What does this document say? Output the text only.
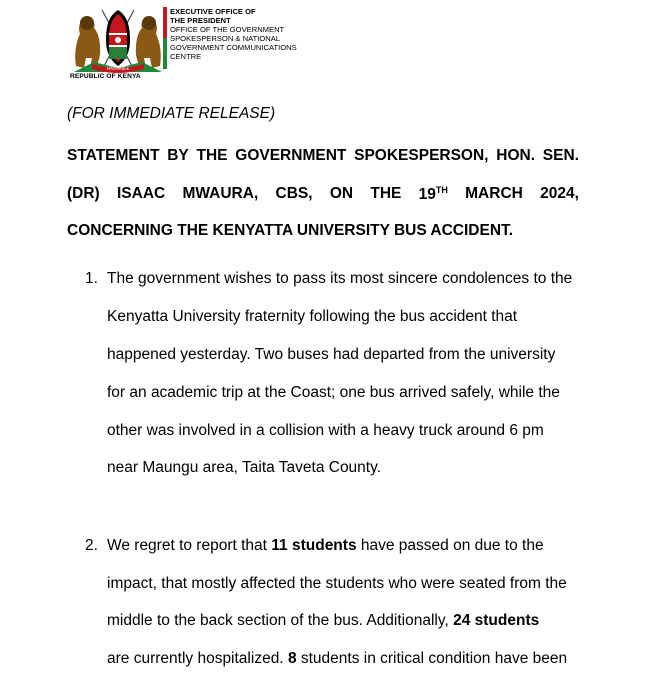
HARAMBEE
REPUBLIC OF KENYA
EXECUTIVE OFFICE OF
THE PRESIDENT
OFFICE OF THE GOVERNMENT
SPOKESPERSON & NATIONAL
GOVERNMENT COMMUNICATIONS
CENTRE
(FOR IMMEDIATE RELEASE)
STATEMENT BY THE GOVERNMENT SPOKESPERSON, HON. SEN.
(DR) ISAAC MWAURA, CBS, ON THE 19TH MARCH 2024,
CONCERNING THE KENYATTA UNIVERSITY BUS ACCIDENT.
1. The government wishes to pass its most sincere condolences to the
Kenyatta University fraternity following the bus accident that
happened yesterday. Two buses had departed from the university
for an academic trip at the Coast; one bus arrived safely, while the
other was involved in a collision with a heavy truck around 6 pm
near Maungu area, Taita Taveta County.
2. We regret to report that 11 students have passed on due to the
impact, that mostly affected the students who were seated from the
middle to the back section of the bus. Additionally, 24 students
are currently hospitalized. 8 students in critical condition have been
